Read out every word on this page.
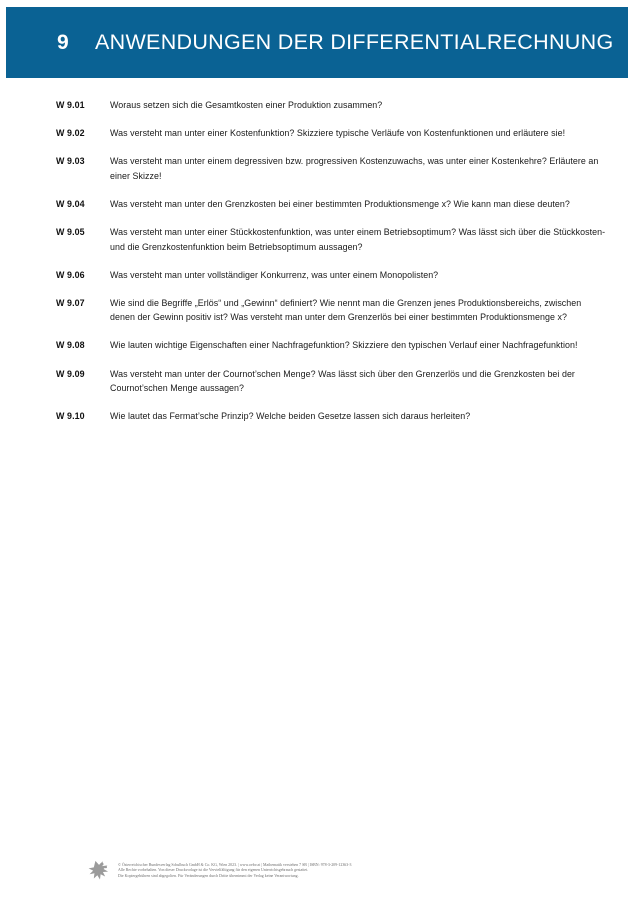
9	ANWENDUNGEN DER DIFFERENTIALRECHNUNG
W 9.01	Woraus setzen sich die Gesamtkosten einer Produktion zusammen?
W 9.02	Was versteht man unter einer Kostenfunktion? Skizziere typische Verläufe von Kostenfunktionen und erläutere sie!
W 9.03	Was versteht man unter einem degressiven bzw. progressiven Kostenzuwachs, was unter einer Kostenkehre? Erläutere an einer Skizze!
W 9.04	Was versteht man unter den Grenzkosten bei einer bestimmten Produktionsmenge x? Wie kann man diese deuten?
W 9.05	Was versteht man unter einer Stückkostenfunktion, was unter einem Betriebsoptimum? Was lässt sich über die Stückkosten- und die Grenzkostenfunktion beim Betriebsoptimum aussagen?
W 9.06	Was versteht man unter vollständiger Konkurrenz, was unter einem Monopolisten?
W 9.07	Wie sind die Begriffe „Erlös“ und „Gewinn“ definiert? Wie nennt man die Grenzen jenes Produktionsbereichs, zwischen denen der Gewinn positiv ist? Was versteht man unter dem Grenzerlös bei einer bestimmten Produktionsmenge x?
W 9.08	Wie lauten wichtige Eigenschaften einer Nachfragefunktion? Skizziere den typischen Verlauf einer Nachfragefunktion!
W 9.09	Was versteht man unter der Cournot’schen Menge? Was lässt sich über den Grenzerlös und die Grenzkosten bei der Cournot’schen Menge aussagen?
W 9.10	Wie lautet das Fermat’sche Prinzip? Welche beiden Gesetze lassen sich daraus herleiten?
© Österreichischer Bundesverlag Schulbuch GmbH & Co. KG, Wien 2023. | www.oebv.at | Mathematik verstehen 7 SB | ISBN: 978-3-209-12363-3
Alle Rechte vorbehalten. Von dieser Druckvorlage ist die Vervielfältigung für den eigenen Unterrichtsgebrauch gestattet.
Die Kopiergebühren sind abgegolten. Für Veränderungen durch Dritte übernimmt der Verlag keine Verantwortung.
